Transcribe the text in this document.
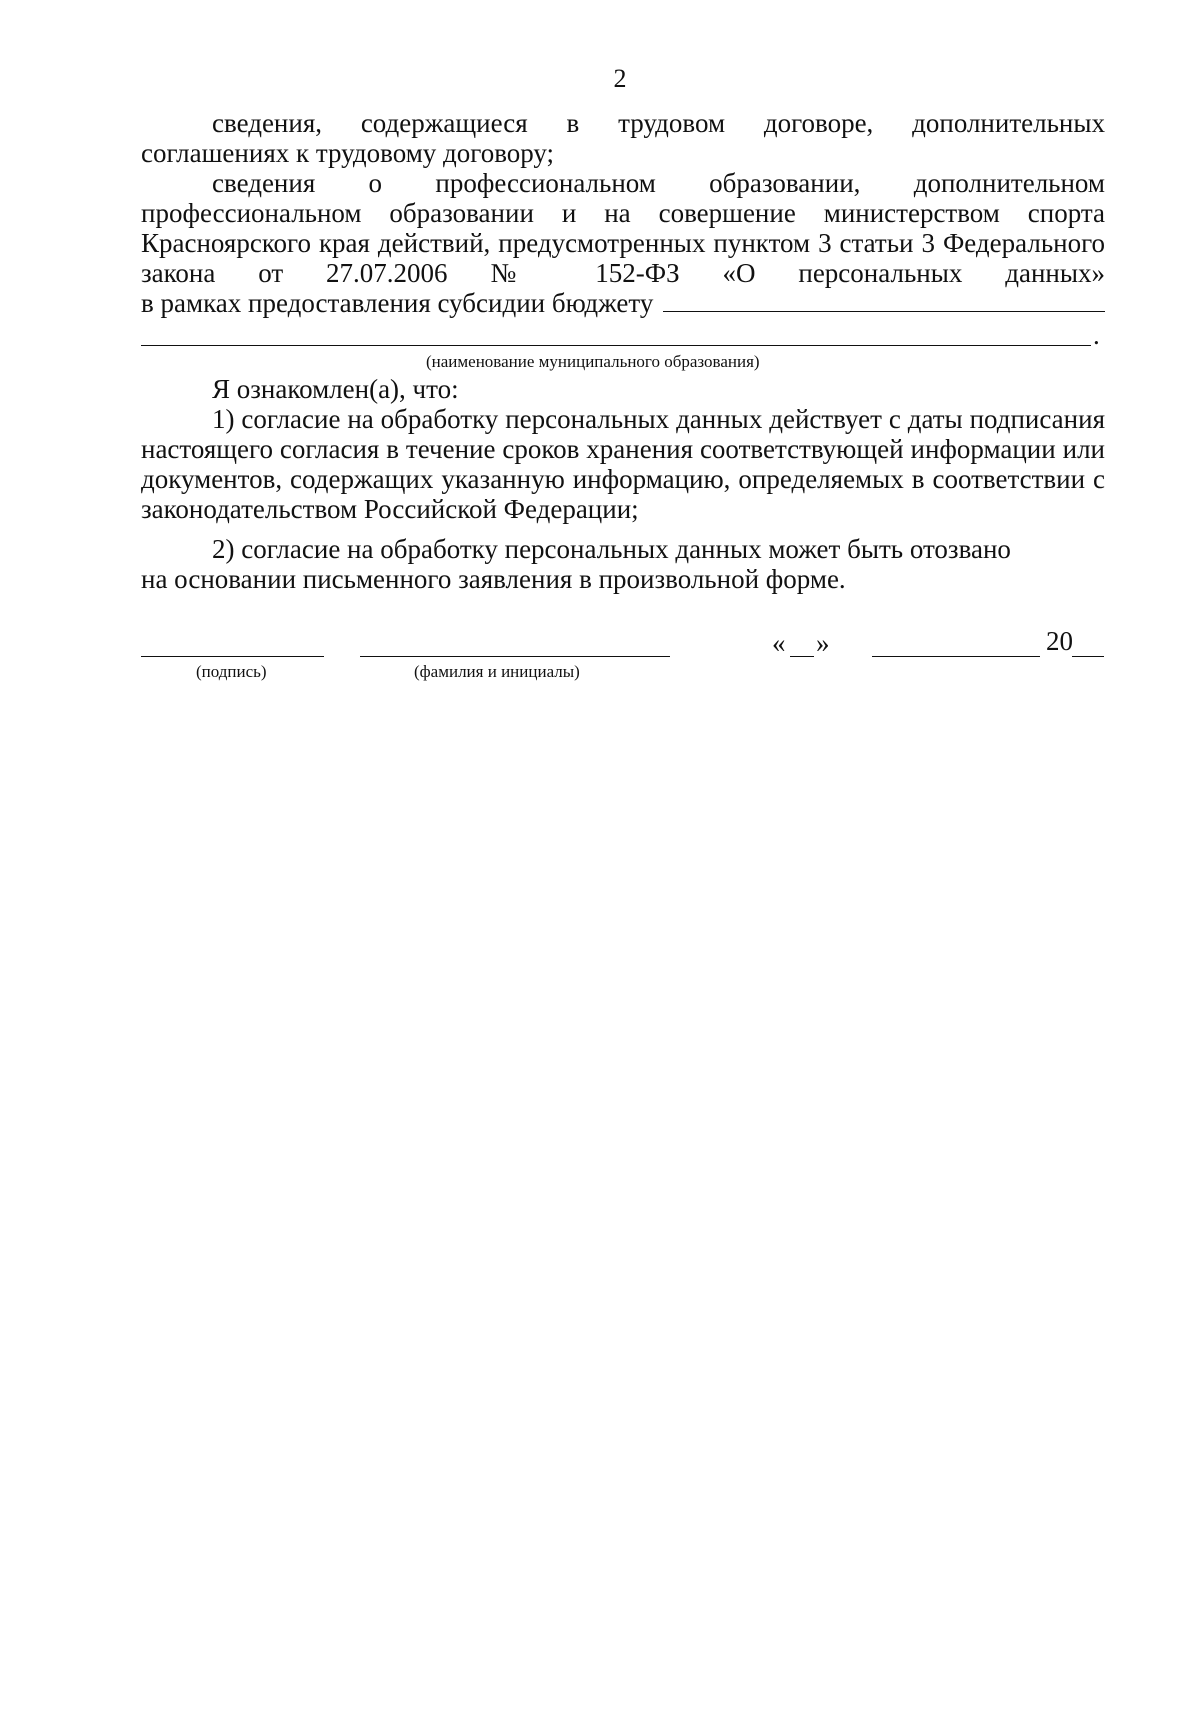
2

сведения, содержащиеся в трудовом договоре, дополнительных

соглашениях к трудовому договору;

сведения о профессиональном образовании, дополнительном профессиональном образовании и на совершение министерством спорта Красноярского края действий, предусмотренных пунктом 3 статьи 3 Федерального закона от 27.07.2006 № 152-ФЗ «О персональных данных»

в рамках предоставления субсидии бюджету
.
(наименование муниципального образования)

Я ознакомлен(а), что:

1) согласие на обработку персональных данных действует с даты подписания настоящего согласия в течение сроков хранения соответствующей информации или документов, содержащих указанную информацию, определяемых в соответствии с законодательством Российской Федерации;

2) согласие на обработку персональных данных может быть отозвано

на основании письменного заявления в произвольной форме.

(подпись)	(фамилия и инициалы)
« »	20
